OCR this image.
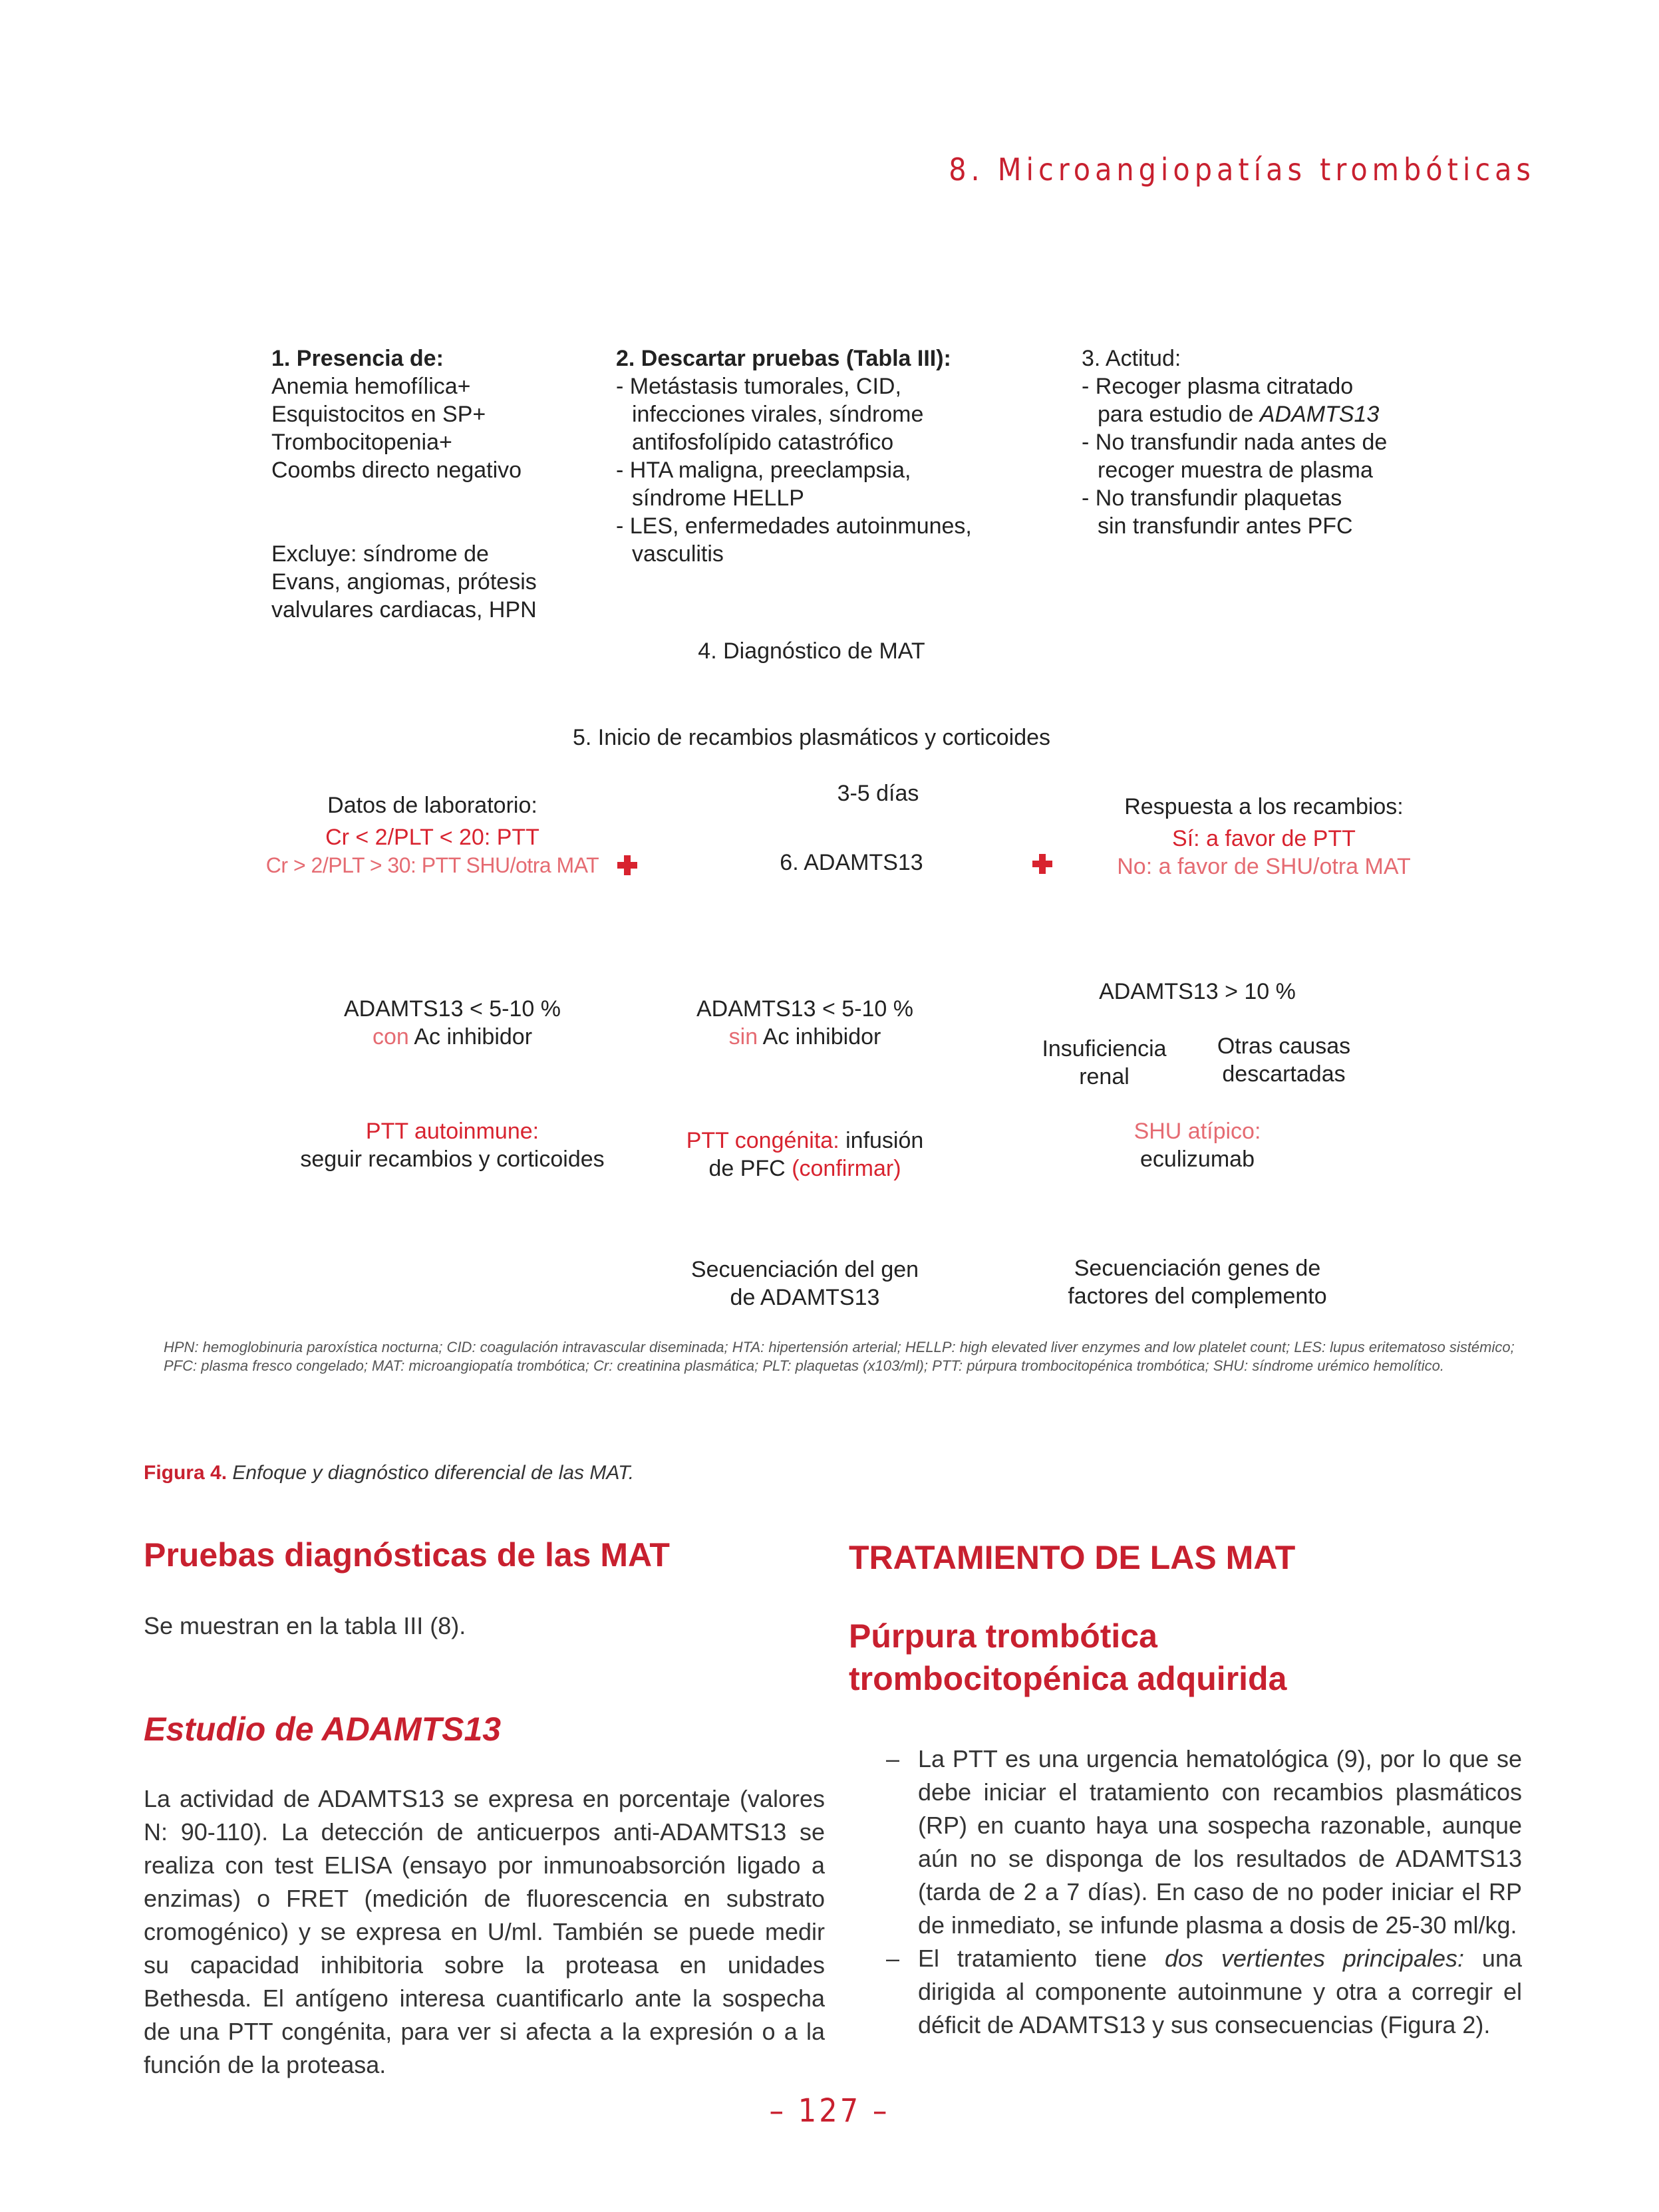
8. Microangiopatías trombóticas
1. Presencia de:
Anemia hemofílica+
Esquistocitos en SP+
Trombocitopenia+
Coombs directo negativo
Excluye: síndrome de
Evans, angiomas, prótesis
valvulares cardiacas, HPN
2. Descartar pruebas (Tabla III):
- Metástasis tumorales, CID,
infecciones virales, síndrome
antifosfolípido catastrófico
- HTA maligna, preeclampsia,
síndrome HELLP
- LES, enfermedades autoinmunes,
vasculitis
3. Actitud:
- Recoger plasma citratado
para estudio de ADAMTS13
- No transfundir nada antes de
recoger muestra de plasma
- No transfundir plaquetas
sin transfundir antes PFC
4. Diagnóstico de MAT
5. Inicio de recambios plasmáticos y corticoides
Datos de laboratorio:
Cr < 2/PLT < 20: PTT
Cr > 2/PLT > 30: PTT SHU/otra MAT
3-5 días
6. ADAMTS13
Respuesta a los recambios:
Sí: a favor de PTT
No: a favor de SHU/otra MAT
ADAMTS13 < 5-10 %
con Ac inhibidor
PTT autoinmune:
seguir recambios y corticoides
ADAMTS13 < 5-10 %
sin Ac inhibidor
PTT congénita: infusión
de PFC (confirmar)
Secuenciación del gen
de ADAMTS13
ADAMTS13 > 10 %
Insuficiencia
renal
Otras causas
descartadas
SHU atípico:
eculizumab
Secuenciación genes de
factores del complemento
HPN: hemoglobinuria paroxística nocturna; CID: coagulación intravascular diseminada; HTA: hipertensión arterial; HELLP: high elevated liver enzymes and low platelet count; LES: lupus eritematoso sistémico; PFC: plasma fresco congelado; MAT: microangiopatía trombótica; Cr: creatinina plasmática; PLT: plaquetas (x103/ml); PTT: púrpura trombocitopénica trombótica; SHU: síndrome urémico hemolítico.
Figura 4. Enfoque y diagnóstico diferencial de las MAT.
Pruebas diagnósticas de las MAT
Se muestran en la tabla III (8).
Estudio de ADAMTS13
La actividad de ADAMTS13 se expresa en porcentaje (valores N: 90-110). La detección de anticuerpos anti-ADAMTS13 se realiza con test ELISA (ensayo por inmunoabsorción ligado a enzimas) o FRET (medición de fluorescencia en substrato cromogénico) y se expresa en U/ml. También se puede medir su capacidad inhibitoria sobre la proteasa en unidades Bethesda. El antígeno interesa cuantificarlo ante la sospecha de una PTT congénita, para ver si afecta a la expresión o a la función de la proteasa.
TRATAMIENTO DE LAS MAT
Púrpura trombótica
trombocitopénica adquirida
– La PTT es una urgencia hematológica (9), por lo que se debe iniciar el tratamiento con recambios plasmáticos (RP) en cuanto haya una sospecha razonable, aunque aún no se disponga de los resultados de ADAMTS13 (tarda de 2 a 7 días). En caso de no poder iniciar el RP de inmediato, se infunde plasma a dosis de 25-30 ml/kg.
– El tratamiento tiene dos vertientes principales: una dirigida al componente autoinmune y otra a corregir el déficit de ADAMTS13 y sus consecuencias (Figura 2).
– 127 –
